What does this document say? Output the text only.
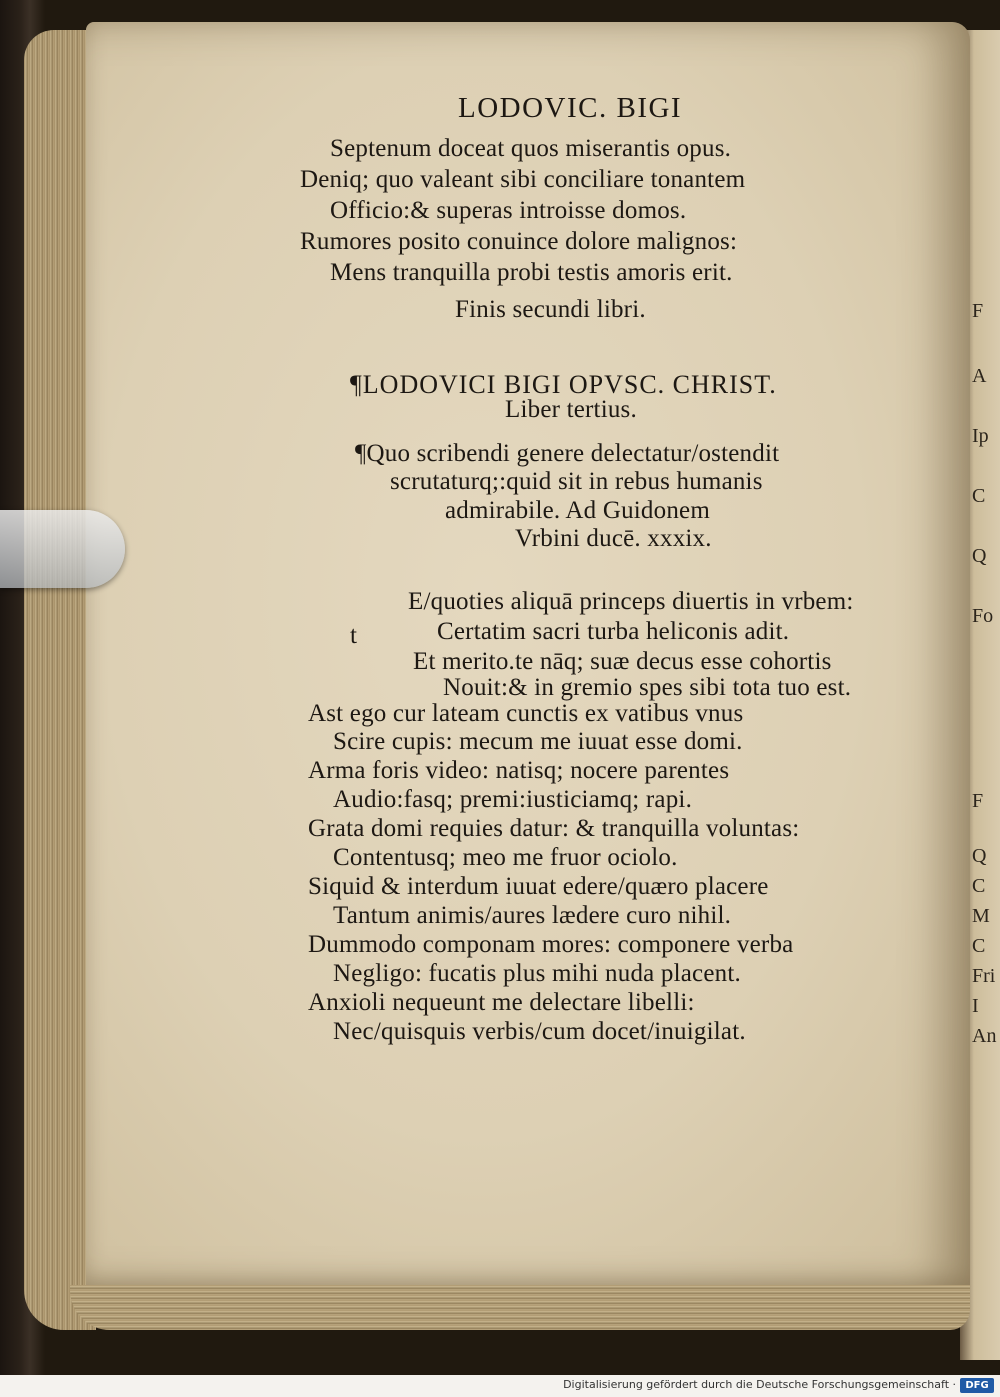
F
A
Ip
C
Q
Fo
F
Q
C
M
C
Fri
I
An
LODOVIC. BIGI
Septenum doceat quos miserantis opus.
Deniq; quo valeant sibi conciliare tonantem
Officio:& superas introisse domos.
Rumores posito conuince dolore malignos:
Mens tranquilla probi testis amoris erit.
Finis secundi libri.
¶LODOVICI BIGI OPVSC. CHRIST.
Liber tertius.
¶Quo scribendi genere delectatur/ostendit
scrutaturq;:quid sit in rebus humanis
admirabile. Ad Guidonem
Vrbini ducē. xxxix.
t
E/quoties aliquā princeps diuertis in vrbem:
Certatim sacri turba heliconis adit.
Et merito.te nāq; suæ decus esse cohortis
Nouit:& in gremio spes sibi tota tuo est.
Ast ego cur lateam cunctis ex vatibus vnus
Scire cupis: mecum me iuuat esse domi.
Arma foris video: natisq; nocere parentes
Audio:fasq; premi:iusticiamq; rapi.
Grata domi requies datur: & tranquilla voluntas:
Contentusq; meo me fruor ociolo.
Siquid & interdum iuuat edere/quæro placere
Tantum animis/aures lædere curo nihil.
Dummodo componam mores: componere verba
Negligo: fucatis plus mihi nuda placent.
Anxioli nequeunt me delectare libelli:
Nec/quisquis verbis/cum docet/inuigilat.
Digitalisierung gefördert durch die Deutsche Forschungsgemeinschaft · DFG
